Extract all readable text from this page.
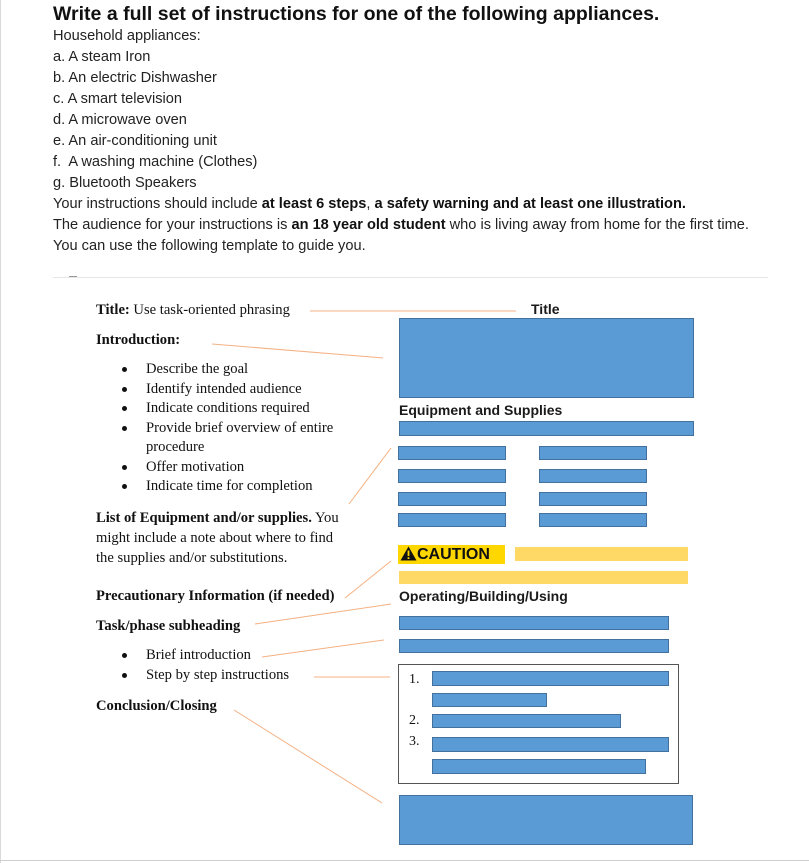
Write a full set of instructions for one of the following appliances.

Household appliances:

a. A steam Iron

b. An electric Dishwasher

c. A smart television

d. A microwave oven

e. An air-conditioning unit

f.  A washing machine (Clothes)

g. Bluetooth Speakers

Your instructions should include at least 6 steps, a safety warning and at least one illustration.

The audience for your instructions is an 18 year old student who is living away from home for the first time.

You can use the following template to guide you.

Title: Use task-oriented phrasing
Introduction:
Describe the goal
Identify intended audience
Indicate conditions required
Provide brief overview of entire procedure
Offer motivation
Indicate time for completion
List of Equipment and/or supplies. You
might include a note about where to find
the supplies and/or substitutions.
Precautionary Information (if needed)
Task/phase subheading
Brief introduction
Step by step instructions
Conclusion/Closing
Title
Equipment and Supplies
CAUTION
Operating/Building/Using
1.
2.
3.
